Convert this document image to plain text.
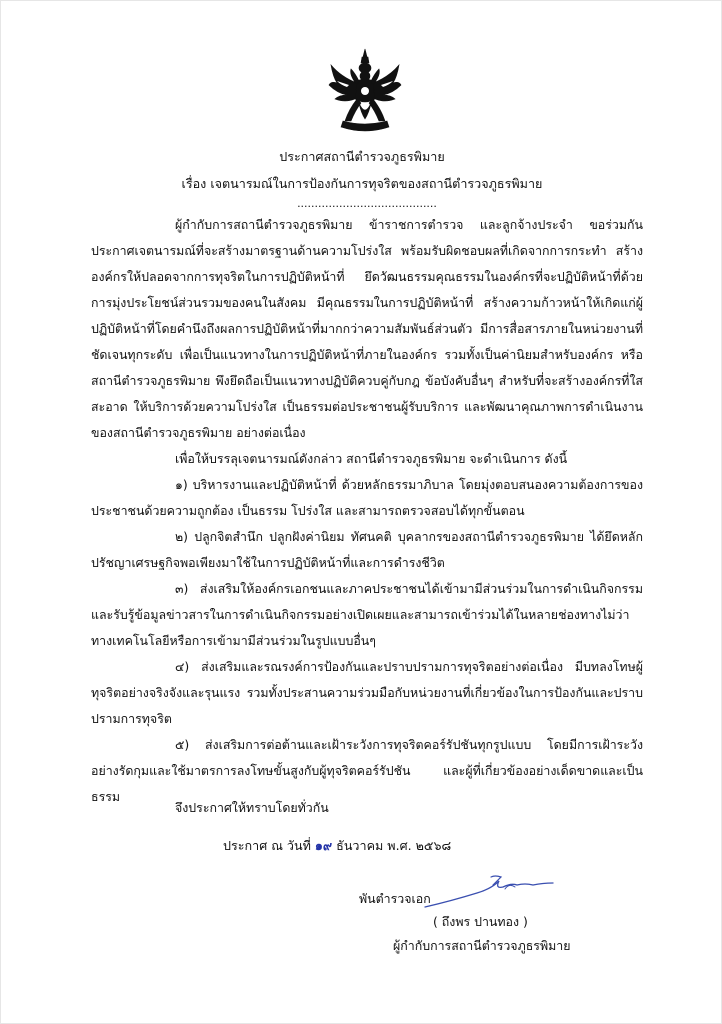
ประกาศสถานีตำรวจภูธรพิมาย
เรื่อง เจตนารมณ์ในการป้องกันการทุจริตของสถานีตำรวจภูธรพิมาย
........................................

ผู้กำกับการสถานีตำรวจภูธรพิมาย ข้าราชการตำรวจ และลูกจ้างประจำ ขอร่วมกันประกาศเจตนารมณ์ที่จะสร้างมาตรฐานด้านความโปร่งใส พร้อมรับผิดชอบผลที่เกิดจากการกระทำ สร้างองค์กรให้ปลอดจากการทุจริตในการปฏิบัติหน้าที่ ยึดวัฒนธรรมคุณธรรมในองค์กรที่จะปฏิบัติหน้าที่ด้วยการมุ่งประโยชน์ส่วนรวมของคนในสังคม มีคุณธรรมในการปฏิบัติหน้าที่ สร้างความก้าวหน้าให้เกิดแก่ผู้ปฏิบัติหน้าที่โดยคำนึงถึงผลการปฏิบัติหน้าที่มากกว่าความสัมพันธ์ส่วนตัว มีการสื่อสารภายในหน่วยงานที่ชัดเจนทุกระดับ เพื่อเป็นแนวทางในการปฏิบัติหน้าที่ภายในองค์กร รวมทั้งเป็นค่านิยมสำหรับองค์กร หรือ สถานีตำรวจภูธรพิมาย พึงยึดถือเป็นแนวทางปฏิบัติควบคู่กับกฎ ข้อบังคับอื่นๆ สำหรับที่จะสร้างองค์กรที่ใสสะอาด ให้บริการด้วยความโปร่งใส เป็นธรรมต่อประชาชนผู้รับบริการ และพัฒนาคุณภาพการดำเนินงานของสถานีตำรวจภูธรพิมาย อย่างต่อเนื่อง

เพื่อให้บรรลุเจตนารมณ์ดังกล่าว สถานีตำรวจภูธรพิมาย จะดำเนินการ ดังนี้

๑) บริหารงานและปฏิบัติหน้าที่ ด้วยหลักธรรมาภิบาล โดยมุ่งตอบสนองความต้องการของประชาชนด้วยความถูกต้อง เป็นธรรม โปร่งใส และสามารถตรวจสอบได้ทุกขั้นตอน

๒) ปลูกจิตสำนึก ปลูกฝังค่านิยม ทัศนคติ บุคลากรของสถานีตำรวจภูธรพิมาย ได้ยึดหลักปรัชญาเศรษฐกิจพอเพียงมาใช้ในการปฏิบัติหน้าที่และการดำรงชีวิต

๓) ส่งเสริมให้องค์กรเอกชนและภาคประชาชนได้เข้ามามีส่วนร่วมในการดำเนินกิจกรรมและรับรู้ข้อมูลข่าวสารในการดำเนินกิจกรรมอย่างเปิดเผยและสามารถเข้าร่วมได้ในหลายช่องทางไม่ว่าทางเทคโนโลยีหรือการเข้ามามีส่วนร่วมในรูปแบบอื่นๆ

๔) ส่งเสริมและรณรงค์การป้องกันและปราบปรามการทุจริตอย่างต่อเนื่อง มีบทลงโทษผู้ทุจริตอย่างจริงจังและรุนแรง รวมทั้งประสานความร่วมมือกับหน่วยงานที่เกี่ยวข้องในการป้องกันและปราบปรามการทุจริต

๕) ส่งเสริมการต่อต้านและเฝ้าระวังการทุจริตคอร์รัปชันทุกรูปแบบ โดยมีการเฝ้าระวังอย่างรัดกุมและใช้มาตรการลงโทษขั้นสูงกับผู้ทุจริตคอร์รัปชัน และผู้ที่เกี่ยวข้องอย่างเด็ดขาดและเป็นธรรม

จึงประกาศให้ทราบโดยทั่วกัน
ประกาศ ณ วันที่ ๑๙ ธันวาคม พ.ศ. ๒๕๖๘
พันตำรวจเอก
( ถึงพร ปานทอง )
ผู้กำกับการสถานีตำรวจภูธรพิมาย
